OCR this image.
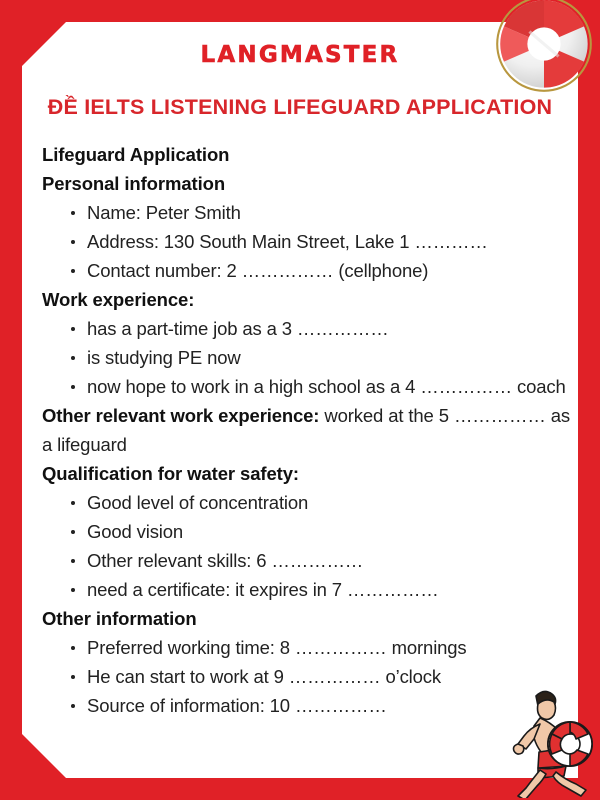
LANGMASTER
ĐỀ IELTS LISTENING LIFEGUARD APPLICATION
Lifeguard Application
Personal information
Name: Peter Smith
Address: 130 South Main Street, Lake 1 …………
Contact number: 2 …………… (cellphone)
Work experience:
has a part-time job as a 3 ……………
is studying PE now
now hope to work in a high school as a 4 …………… coach
Other relevant work experience: worked at the 5 …………… as a lifeguard
Qualification for water safety:
Good level of concentration
Good vision
Other relevant skills: 6 ……………
need a certificate: it expires in 7 ……………
Other information
Preferred working time: 8 …………… mornings
He can start to work at 9 …………… o’clock
Source of information: 10 ……………
